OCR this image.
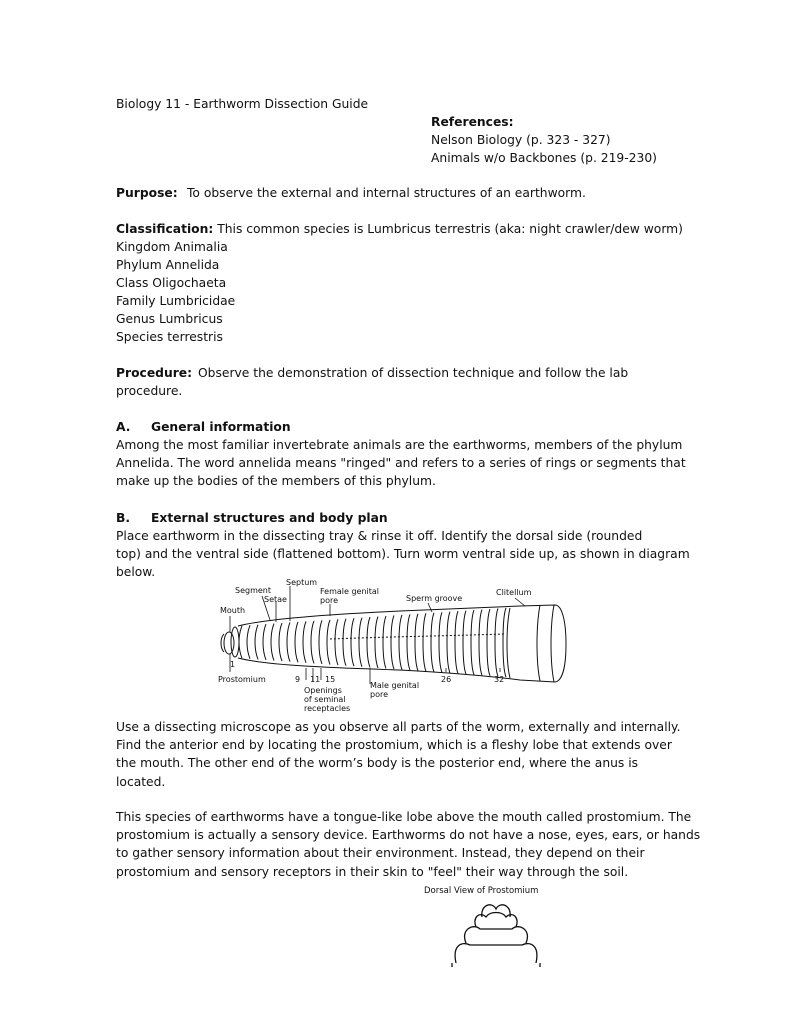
Biology 11 - Earthworm Dissection Guide
References:
Nelson Biology (p. 323 - 327)
Animals w/o Backbones (p. 219-230)
Purpose: To observe the external and internal structures of an earthworm.
Classification: This common species is Lumbricus terrestris (aka: night crawler/dew worm)
Kingdom Animalia
Phylum Annelida
Class Oligochaeta
Family Lumbricidae
Genus Lumbricus
Species terrestris
Procedure: Observe the demonstration of dissection technique and follow the lab
procedure.
A. General information
Among the most familiar invertebrate animals are the earthworms, members of the phylum
Annelida. The word annelida means "ringed" and refers to a series of rings or segments that
make up the bodies of the members of this phylum.
B. External structures and body plan
Place earthworm in the dissecting tray & rinse it off. Identify the dorsal side (rounded
top) and the ventral side (flattened bottom). Turn worm ventral side up, as shown in diagram
below.
Septum
Segment
Setae
Mouth
Female genital
pore	Sperm groove
Clitellum
1
9 11 15	26	32
Prostomium
Openings
of seminal
receptacles
Male genital
pore
Use a dissecting microscope as you observe all parts of the worm, externally and internally.
Find the anterior end by locating the prostomium, which is a fleshy lobe that extends over
the mouth. The other end of the worm’s body is the posterior end, where the anus is
located.
This species of earthworms have a tongue-like lobe above the mouth called prostomium. The
prostomium is actually a sensory device. Earthworms do not have a nose, eyes, ears, or hands
to gather sensory information about their environment. Instead, they depend on their
prostomium and sensory receptors in their skin to "feel" their way through the soil.
Dorsal View of Prostomium
